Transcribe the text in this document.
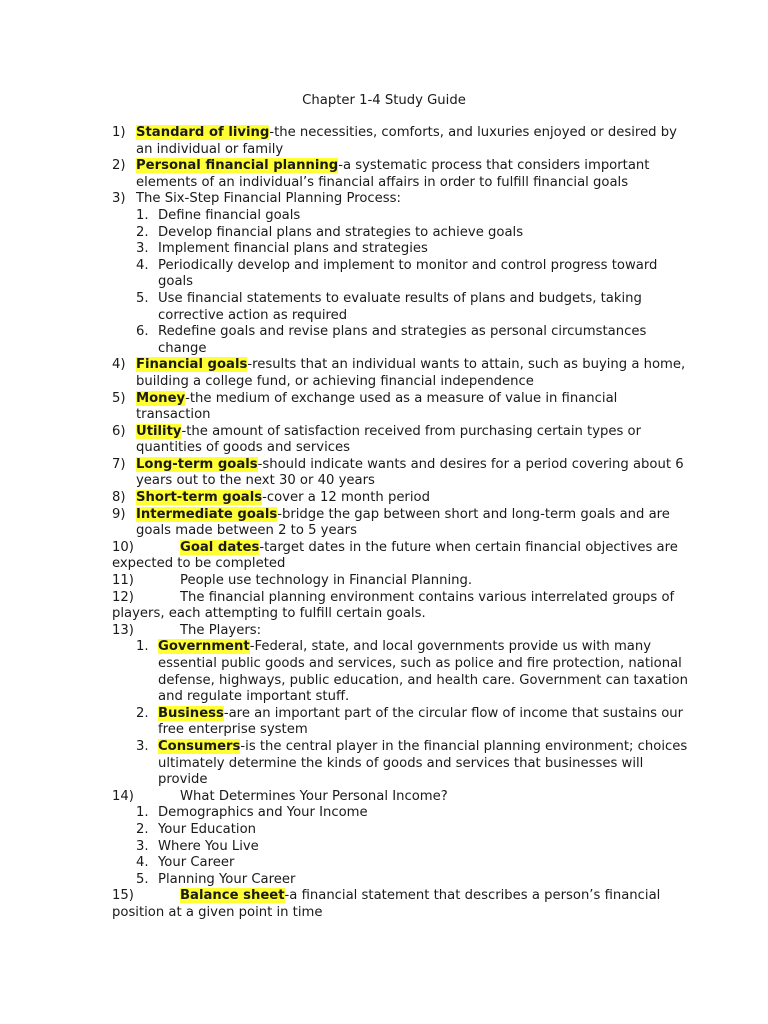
Chapter 1-4 Study Guide
1) Standard of living-the necessities, comforts, and luxuries enjoyed or desired by an individual or family
2) Personal financial planning-a systematic process that considers important elements of an individual’s financial affairs in order to fulfill financial goals
3) The Six-Step Financial Planning Process:
1. Define financial goals
2. Develop financial plans and strategies to achieve goals
3. Implement financial plans and strategies
4. Periodically develop and implement to monitor and control progress toward goals
5. Use financial statements to evaluate results of plans and budgets, taking corrective action as required
6. Redefine goals and revise plans and strategies as personal circumstances change
4) Financial goals-results that an individual wants to attain, such as buying a home, building a college fund, or achieving financial independence
5) Money-the medium of exchange used as a measure of value in financial transaction
6) Utility-the amount of satisfaction received from purchasing certain types or quantities of goods and services
7) Long-term goals-should indicate wants and desires for a period covering about 6 years out to the next 30 or 40 years
8) Short-term goals-cover a 12 month period
9) Intermediate goals-bridge the gap between short and long-term goals and are goals made between 2 to 5 years
10)	Goal dates-target dates in the future when certain financial objectives are expected to be completed
11)	People use technology in Financial Planning.
12)	The financial planning environment contains various interrelated groups of players, each attempting to fulfill certain goals.
13)	The Players:
1. Government-Federal, state, and local governments provide us with many essential public goods and services, such as police and fire protection, national defense, highways, public education, and health care. Government can taxation and regulate important stuff.
2. Business-are an important part of the circular flow of income that sustains our free enterprise system
3. Consumers-is the central player in the financial planning environment; choices ultimately determine the kinds of goods and services that businesses will provide
14)	What Determines Your Personal Income?
1. Demographics and Your Income
2. Your Education
3. Where You Live
4. Your Career
5. Planning Your Career
15)	Balance sheet-a financial statement that describes a person’s financial position at a given point in time
